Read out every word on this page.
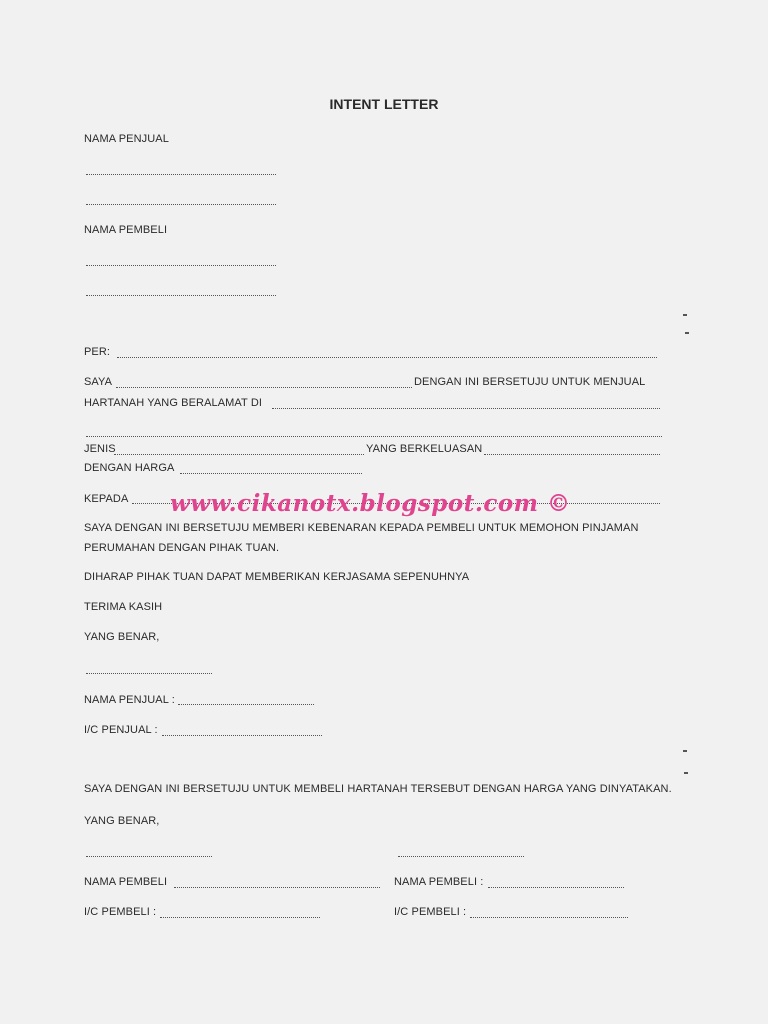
INTENT LETTER
NAMA PENJUAL
NAMA PEMBELI
PER:
SAYA	DENGAN INI BERSETUJU UNTUK MENJUAL
HARTANAH YANG BERALAMAT DI
JENIS	YANG BERKELUASAN
DENGAN HARGA
KEPADA www.cikanotx.blogspot.com ©
SAYA DENGAN INI BERSETUJU MEMBERI KEBENARAN KEPADA PEMBELI UNTUK MEMOHON PINJAMAN
PERUMAHAN DENGAN PIHAK TUAN.
DIHARAP PIHAK TUAN DAPAT MEMBERIKAN KERJASAMA SEPENUHNYA
TERIMA KASIH
YANG BENAR,
NAMA PENJUAL :
I/C PENJUAL :
SAYA DENGAN INI BERSETUJU UNTUK MEMBELI HARTANAH TERSEBUT DENGAN HARGA YANG DINYATAKAN.
YANG BENAR,
NAMA PEMBELI	NAMA PEMBELI :
I/C PEMBELI :	I/C PEMBELI :
